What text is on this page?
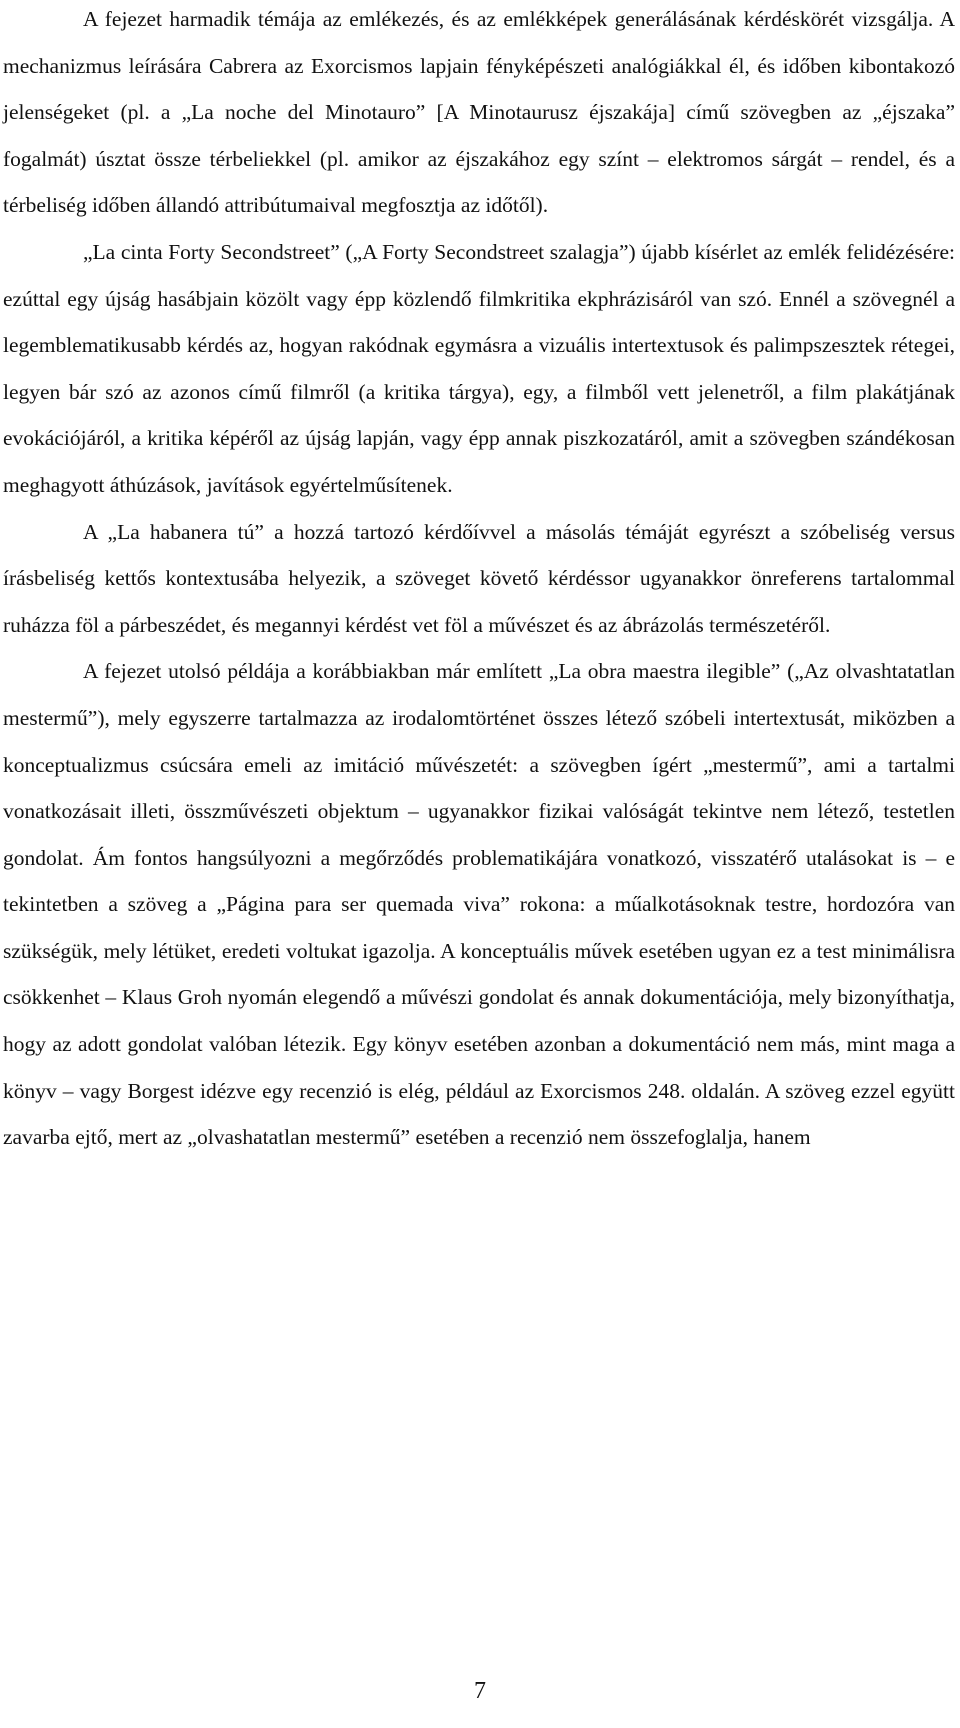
A fejezet harmadik témája az emlékezés, és az emlékképek generálásának kérdéskörét vizsgálja. A mechanizmus leírására Cabrera az Exorcismos lapjain fényképészeti analógiákkal él, és időben kibontakozó jelenségeket (pl. a „La noche del Minotauro” [A Minotaurusz éjszakája] című szövegben az „éjszaka” fogalmát) úsztat össze térbeliekkel (pl. amikor az éjszakához egy színt – elektromos sárgát – rendel, és a térbeliség időben állandó attribútumaival megfosztja az időtől).

„La cinta Forty Secondstreet” („A Forty Secondstreet szalagja”) újabb kísérlet az emlék felidézésére: ezúttal egy újság hasábjain közölt vagy épp közlendő filmkritika ekphrázisáról van szó. Ennél a szövegnél a legemblematikusabb kérdés az, hogyan rakódnak egymásra a vizuális intertextusok és palimpszesztek rétegei, legyen bár szó az azonos című filmről (a kritika tárgya), egy, a filmből vett jelenetről, a film plakátjának evokációjáról, a kritika képéről az újság lapján, vagy épp annak piszkozatáról, amit a szövegben szándékosan meghagyott áthúzások, javítások egyértelműsítenek.

A „La habanera tú” a hozzá tartozó kérdőívvel a másolás témáját egyrészt a szóbeliség versus írásbeliség kettős kontextusába helyezik, a szöveget követő kérdéssor ugyanakkor önreferens tartalommal ruházza föl a párbeszédet, és megannyi kérdést vet föl a művészet és az ábrázolás természetéről.

A fejezet utolsó példája a korábbiakban már említett „La obra maestra ilegible” („Az olvashtatatlan mestermű”), mely egyszerre tartalmazza az irodalomtörténet összes létező szóbeli intertextusát, miközben a konceptualizmus csúcsára emeli az imitáció művészetét: a szövegben ígért „mestermű”, ami a tartalmi vonatkozásait illeti, összművészeti objektum – ugyanakkor fizikai valóságát tekintve nem létező, testetlen gondolat. Ám fontos hangsúlyozni a megőrződés problematikájára vonatkozó, visszatérő utalásokat is – e tekintetben a szöveg a „Página para ser quemada viva” rokona: a műalkotásoknak testre, hordozóra van szükségük, mely létüket, eredeti voltukat igazolja. A konceptuális művek esetében ugyan ez a test minimálisra csökkenhet – Klaus Groh nyomán elegendő a művészi gondolat és annak dokumentációja, mely bizonyíthatja, hogy az adott gondolat valóban létezik. Egy könyv esetében azonban a dokumentáció nem más, mint maga a könyv – vagy Borgest idézve egy recenzió is elég, például az Exorcismos 248. oldalán. A szöveg ezzel együtt zavarba ejtő, mert az „olvashatatlan mestermű” esetében a recenzió nem összefoglalja, hanem

7
